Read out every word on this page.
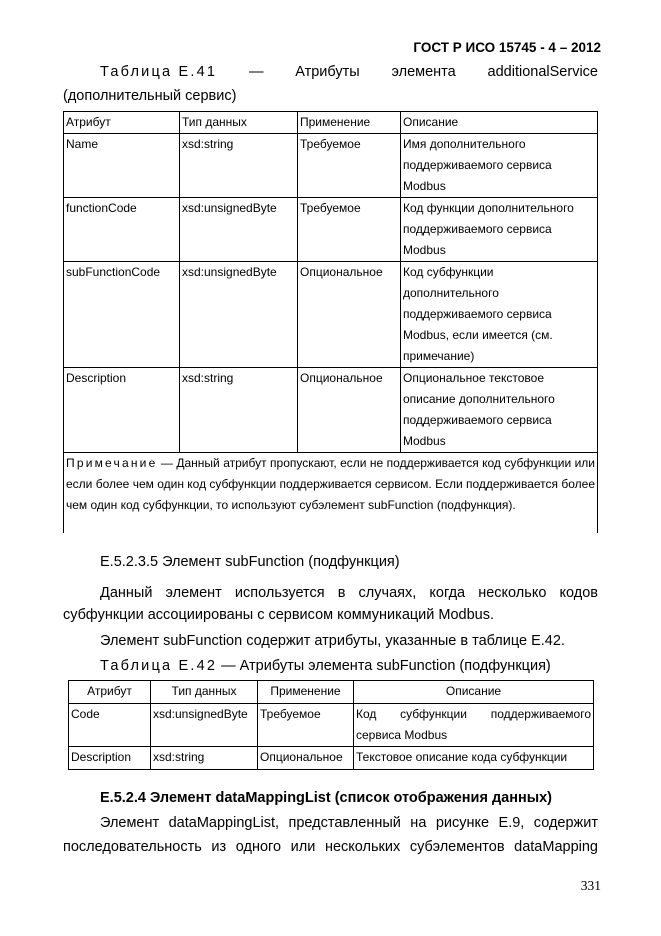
ГОСТ Р ИСО 15745 - 4 – 2012
Таблица Е.41 — Атрибуты элемента additionalService
(дополнительный сервис)
Атрибут	Тип данных	Применение	Описание
Name	xsd:string	Требуемое	Имя дополнительного
поддерживаемого сервиса
Modbus

functionCode	xsd:unsignedByte	Требуемое	Код функции дополнительного
поддерживаемого сервиса
Modbus

subFunctionCode	xsd:unsignedByte	Опциональное	Код субфункции
дополнительного
поддерживаемого сервиса
Modbus, если имеется (см.
примечание)

Description	xsd:string	Опциональное	Опциональное текстовое
описание дополнительного
поддерживаемого сервиса
Modbus

Примечание — Данный атрибут пропускают, если не поддерживается код субфункции или если более чем один код субфункции поддерживается сервисом. Если поддерживается более чем один код субфункции, то используют субэлемент subFunction (подфункция).			
Е.5.2.3.5 Элемент subFunction (подфункция)
Данный элемент используется в случаях, когда несколько кодов
субфункции ассоциированы с сервисом коммуникаций Modbus.
Элемент subFunction содержит атрибуты, указанные в таблице Е.42.
Таблица Е.42 — Атрибуты элемента subFunction (подфункция)
Атрибут	Тип данных	Применение	Описание
Code	xsd:unsignedByte	Требуемое	Код субфункции поддерживаемого
сервиса Modbus

Description	xsd:string	Опциональное	Текстовое описание кода субфункции
Е.5.2.4 Элемент dataMappingList (список отображения данных)
Элемент dataMappingList, представленный на рисунке Е.9, содержит
последовательность из одного или нескольких субэлементов dataMapping
331
